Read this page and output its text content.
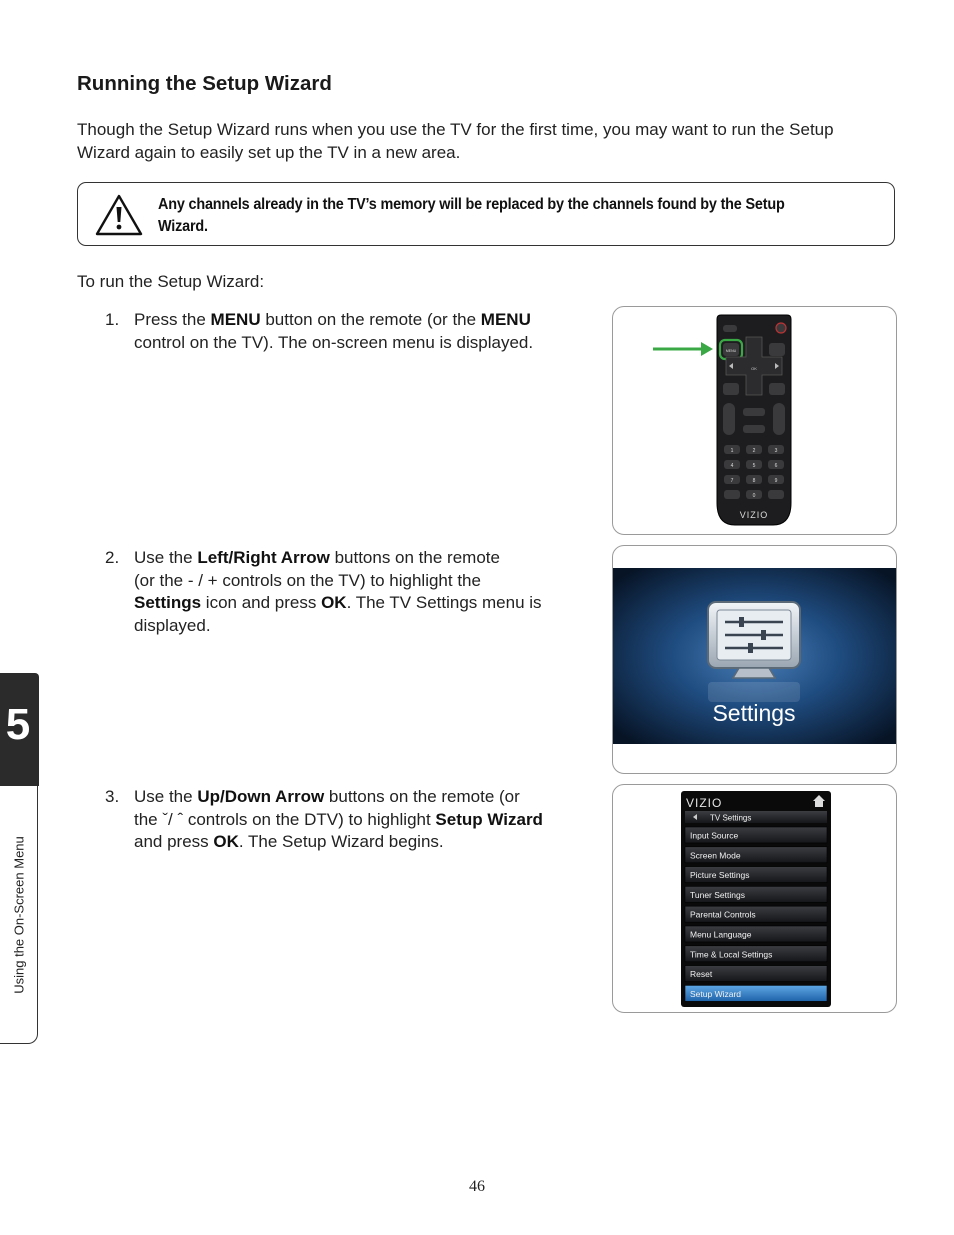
Running the Setup Wizard
Though the Setup Wizard runs when you use the TV for the first time, you may want to run the Setup Wizard again to easily set up the TV in a new area.
Any channels already in the TV’s memory will be replaced by the channels found by the Setup
Wizard.
To run the Setup Wizard:
1. Press the MENU button on the remote (or the MENU
control on the TV). The on-screen menu is displayed.
2. Use the Left/Right Arrow buttons on the remote
(or the - / + controls on the TV) to highlight the
Settings icon and press OK. The TV Settings menu is
displayed.
3. Use the Up/Down Arrow buttons on the remote (or
the ˇ/ ˆ controls on the DTV) to highlight Setup Wizard
and press OK. The Setup Wizard begins.
MENU
OK
1	2	3
4	5	6
7	8	9
0
VIZIO
Settings
VIZIO
TV Settings
Input Source
Screen Mode
Picture Settings
Tuner Settings
Parental Controls
Menu Language
Time & Local Settings
Reset
Setup Wizard
5
Using the On-Screen Menu
46
